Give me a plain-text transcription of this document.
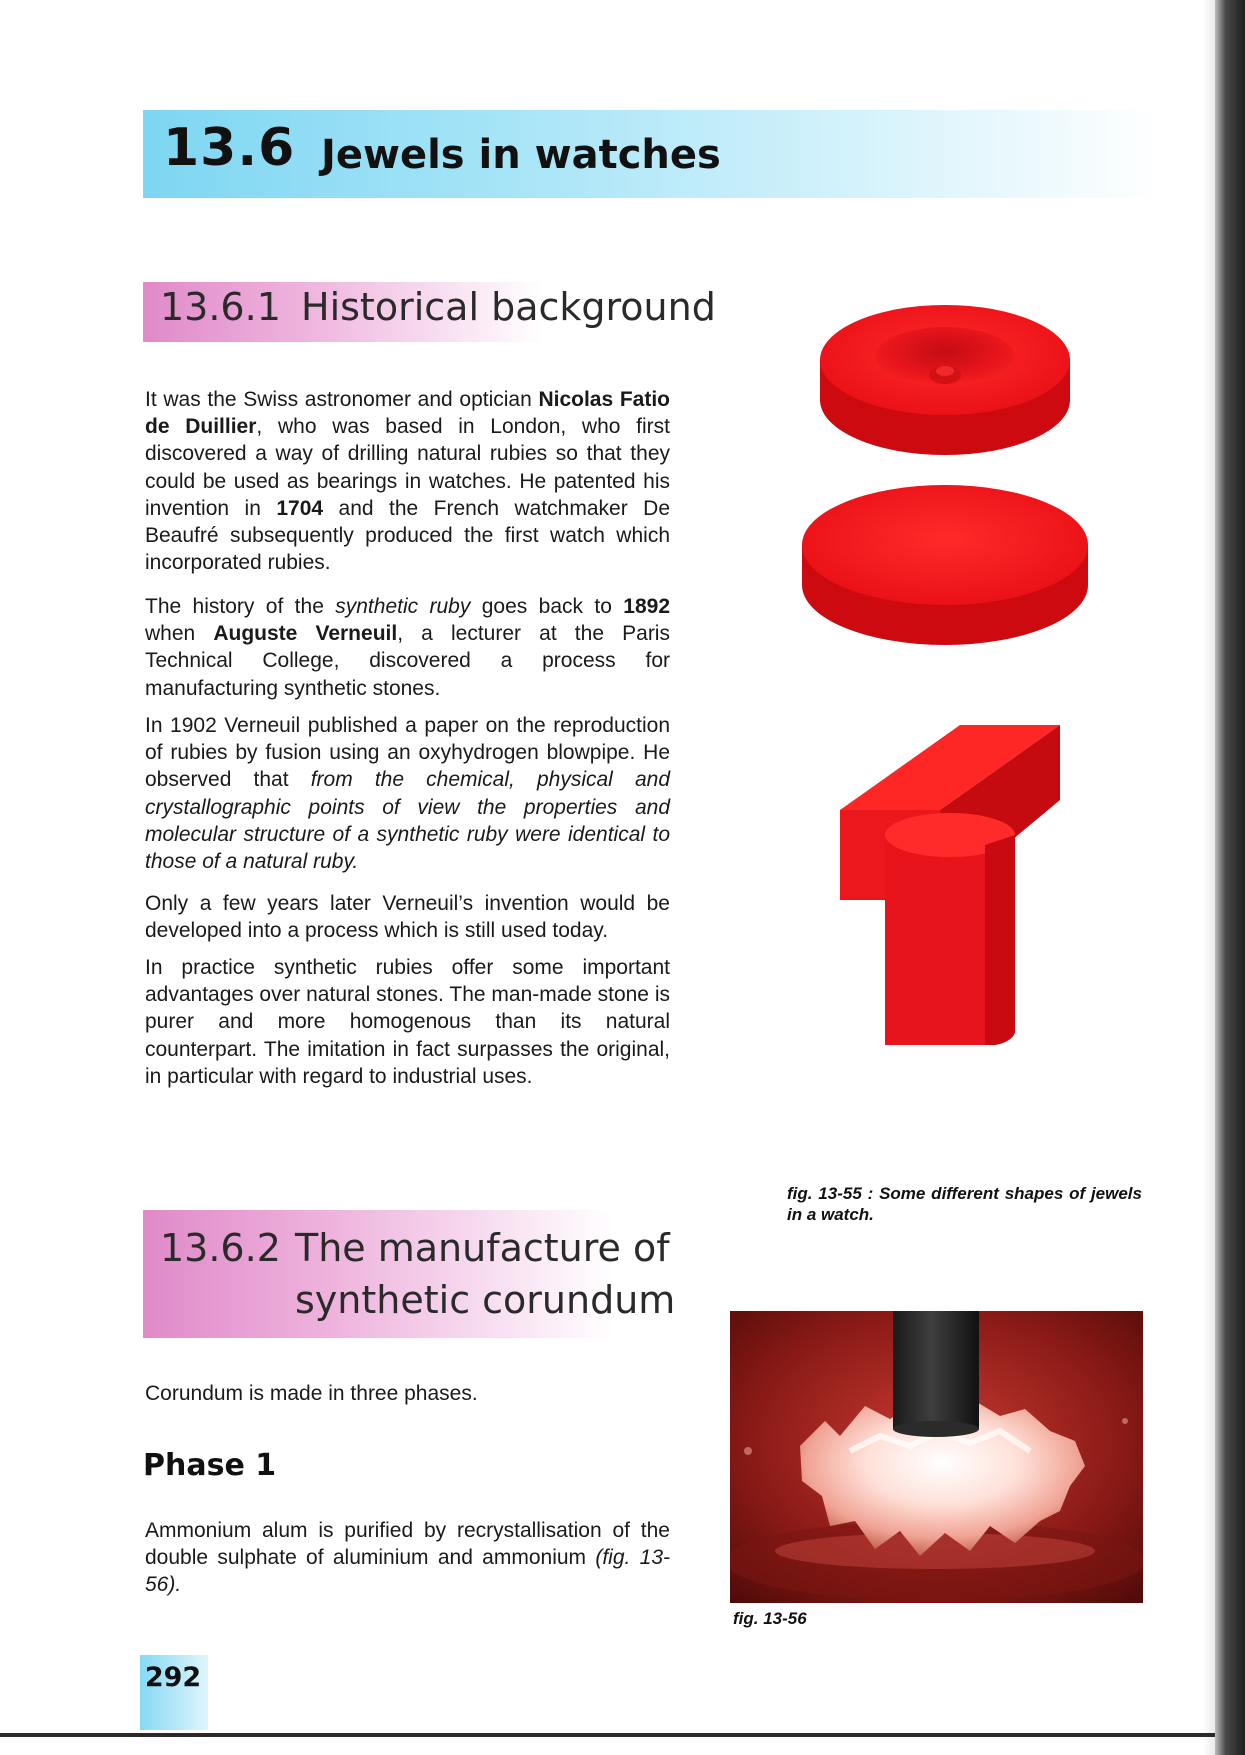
13.6 Jewels in watches
13.6.1 Historical background
It was the Swiss astronomer and optician Nicolas Fatio de Duillier, who was based in London, who first discovered a way of drilling natural rubies so that they could be used as bearings in watches. He patented his invention in 1704 and the French watchmaker De Beaufré subsequently produced the first watch which incorporated rubies.
The history of the synthetic ruby goes back to 1892 when Auguste Verneuil, a lecturer at the Paris Technical College, discovered a process for manufacturing synthetic stones.
In 1902 Verneuil published a paper on the reproduction of rubies by fusion using an oxyhydrogen blowpipe. He observed that from the chemical, physical and crystallographic points of view the properties and molecular structure of a synthetic ruby were identical to those of a natural ruby.
Only a few years later Verneuil’s invention would be developed into a process which is still used today.
In practice synthetic rubies offer some important advantages over natural stones. The man-made stone is purer and more homogenous than its natural counterpart. The imitation in fact surpasses the original, in particular with regard to industrial uses.
13.6.2 The manufacture of
synthetic corundum
Corundum is made in three phases.
Phase 1
Ammonium alum is purified by recrystallisation of the double sulphate of aluminium and ammonium (fig. 13-56).
fig. 13-55 : Some different shapes of jewels in a watch.
fig. 13-56
292
